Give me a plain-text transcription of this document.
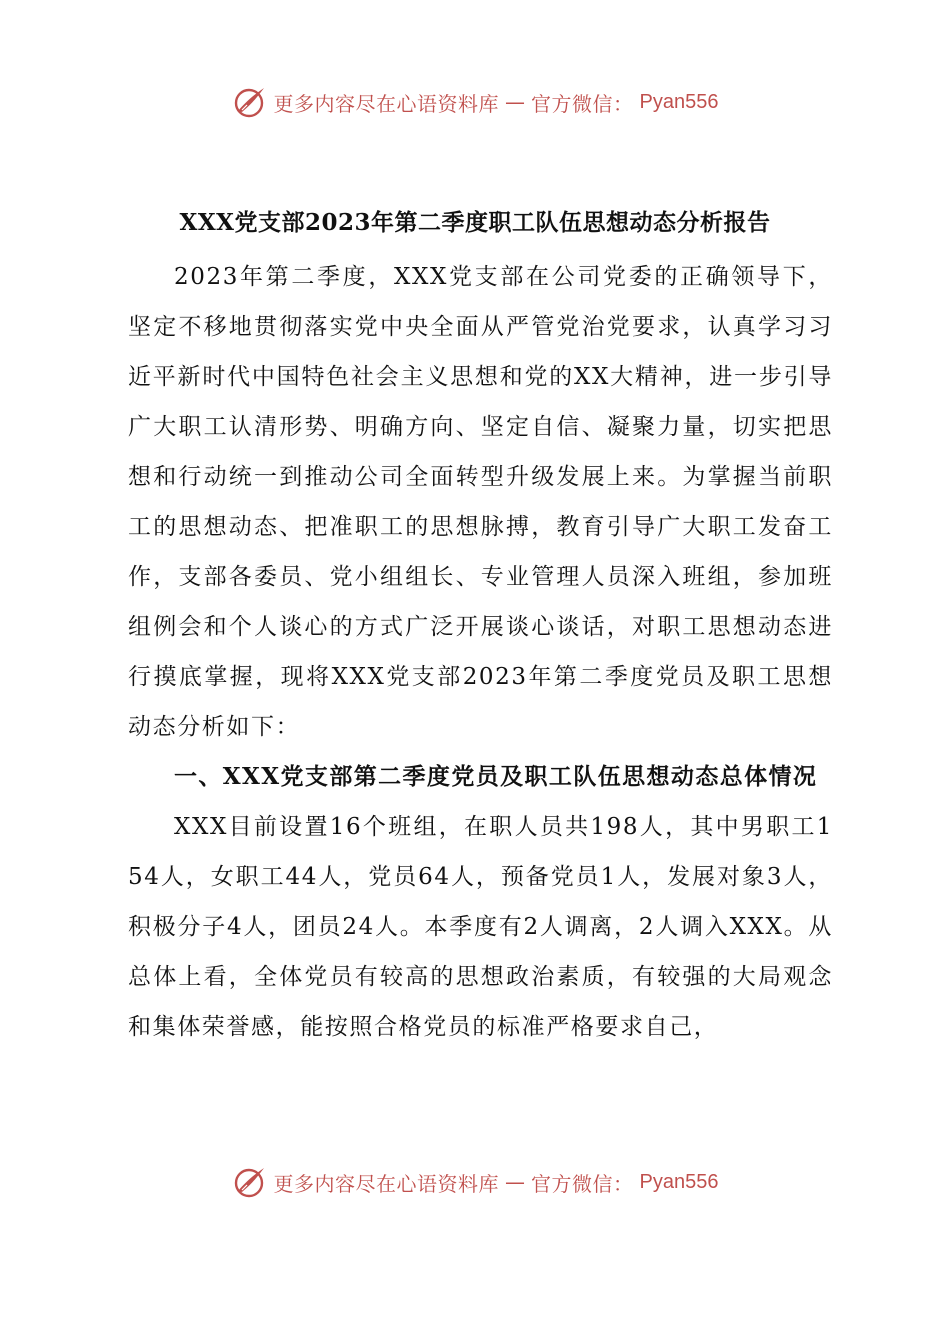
更多内容尽在心语资料库 — 官方微信： Pyan556
XXX党支部2023年第二季度职工队伍思想动态分析报告

2023年第二季度，XXX党支部在公司党委的正确领导下，坚定不移地贯彻落实党中央全面从严管党治党要求，认真学习习近平新时代中国特色社会主义思想和党的XX大精神，进一步引导广大职工认清形势、明确方向、坚定自信、凝聚力量，切实把思想和行动统一到推动公司全面转型升级发展上来。为掌握当前职工的思想动态、把准职工的思想脉搏，教育引导广大职工发奋工作，支部各委员、党小组组长、专业管理人员深入班组，参加班组例会和个人谈心的方式广泛开展谈心谈话，对职工思想动态进行摸底掌握，现将XXX党支部2023年第二季度党员及职工思想动态分析如下：

一、XXX党支部第二季度党员及职工队伍思想动态总体情况

XXX目前设置16个班组，在职人员共198人，其中男职工154人，女职工44人，党员64人，预备党员1人，发展对象3人，积极分子4人，团员24人。本季度有2人调离，2人调入XXX。从总体上看，全体党员有较高的思想政治素质，有较强的大局观念和集体荣誉感，能按照合格党员的标准严格要求自己，

更多内容尽在心语资料库 — 官方微信： Pyan556
